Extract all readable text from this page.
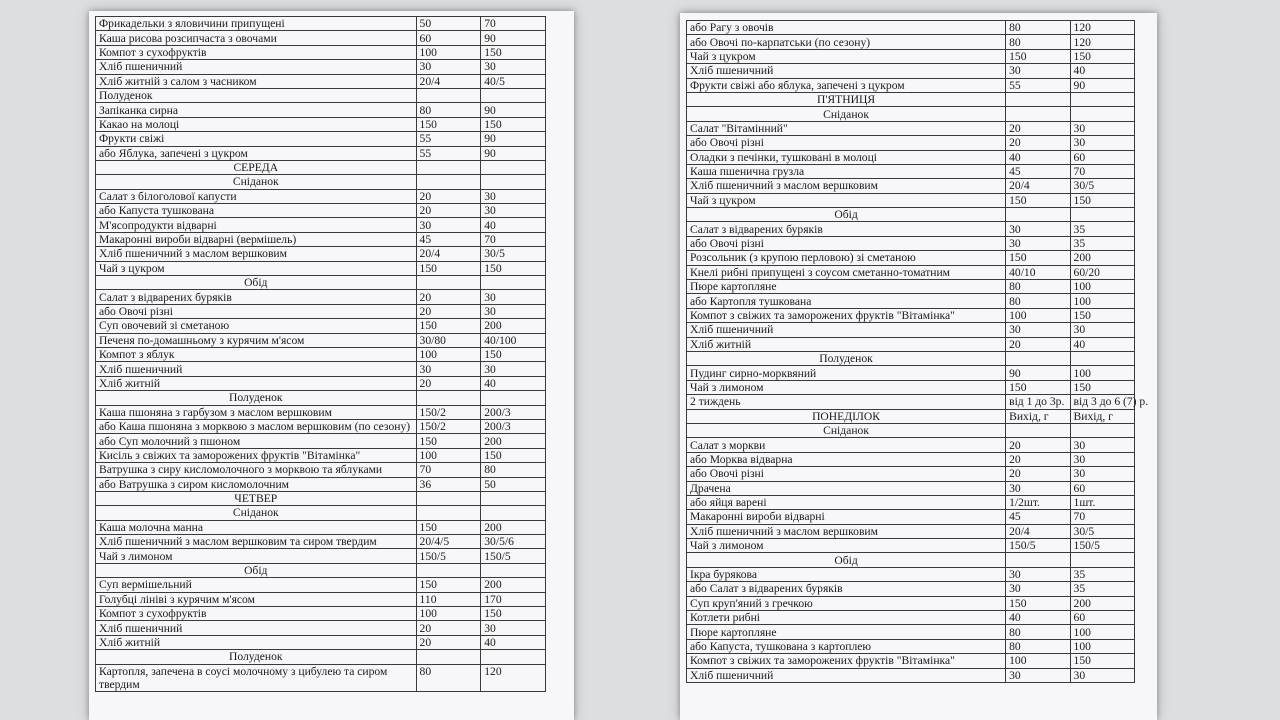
Фрикадельки з яловичини припущені	50	70
Каша рисова розсипчаста з овочами	60	90
Компот з сухофруктів	100	150
Хліб пшеничний	30	30
Хліб житній з салом з часником	20/4	40/5
Полуденок		
Запіканка сирна	80	90
Какао на молоці	150	150
Фрукти свіжі	55	90
або Яблука, запечені з цукром	55	90
СЕРЕДА		
Сніданок		
Салат з білоголової капусти	20	30
або Капуста тушкована	20	30
М'ясопродукти відварні	30	40
Макаронні вироби відварні (вермішель)	45	70
Хліб пшеничний з маслом вершковим	20/4	30/5
Чай з цукром	150	150
Обід		
Салат з відварених буряків	20	30
або Овочі різні	20	30
Суп овочевий зі сметаною	150	200
Печеня по-домашньому з курячим м'ясом	30/80	40/100
Компот з яблук	100	150
Хліб пшеничний	30	30
Хліб житній	20	40
Полуденок		
Каша пшоняна з гарбузом з маслом вершковим	150/2	200/3
або Каша пшоняна з морквою з маслом вершковим (по сезону)	150/2	200/3
або Суп молочний з пшоном	150	200
Кисіль з свіжих та заморожених фруктів "Вітамінка"	100	150
Ватрушка з сиру кисломолочного з морквою та яблуками	70	80
або Ватрушка з сиром кисломолочним	36	50
ЧЕТВЕР		
Сніданок		
Каша молочна манна	150	200
Хліб пшеничний з маслом вершковим та сиром твердим	20/4/5	30/5/6
Чай з лимоном	150/5	150/5
Обід		
Суп вермішельний	150	200
Голубці лініві з курячим м'ясом	110	170
Компот з сухофруктів	100	150
Хліб пшеничний	20	30
Хліб житній	20	40
Полуденок		
Картопля, запечена в соусі молочному з цибулею та сиром твердим	80	120
або Рагу з овочів	80	120
або Овочі по-карпатськи (по сезону)	80	120
Чай з цукром	150	150
Хліб пшеничний	30	40
Фрукти свіжі або яблука, запечені з цукром	55	90
П'ЯТНИЦЯ		
Сніданок		
Салат "Вітамінний"	20	30
або Овочі різні	20	30
Оладки з печінки, тушковані в молоці	40	60
Каша пшенична грузла	45	70
Хліб пшеничний з маслом вершковим	20/4	30/5
Чай з цукром	150	150
Обід		
Салат з відварених буряків	30	35
або Овочі різні	30	35
Розсольник (з крупою перловою) зі сметаною	150	200
Кнелі рибні припущені з соусом сметанно-томатним	40/10	60/20
Пюре картопляне	80	100
або Картопля тушкована	80	100
Компот з свіжих та заморожених фруктів "Вітамінка"	100	150
Хліб пшеничний	30	30
Хліб житній	20	40
Полуденок		
Пудинг сирно-морквяний	90	100
Чай з лимоном	150	150
2 тиждень	від 1 до 3р.	від 3 до 6 (7) р.
ПОНЕДІЛОК	Вихід, г	Вихід, г
Сніданок		
Салат з моркви	20	30
або Морква відварна	20	30
або Овочі різні	20	30
Драчена	30	60
або яйця варені	1/2шт.	1шт.
Макаронні вироби відварні	45	70
Хліб пшеничний з маслом вершковим	20/4	30/5
Чай з лимоном	150/5	150/5
Обід		
Ікра бурякова	30	35
або Салат з відварених буряків	30	35
Суп круп'яний з гречкою	150	200
Котлети рибні	40	60
Пюре картопляне	80	100
або Капуста, тушкована з картоплею	80	100
Компот з свіжих та заморожених фруктів "Вітамінка"	100	150
Хліб пшеничний	30	30
